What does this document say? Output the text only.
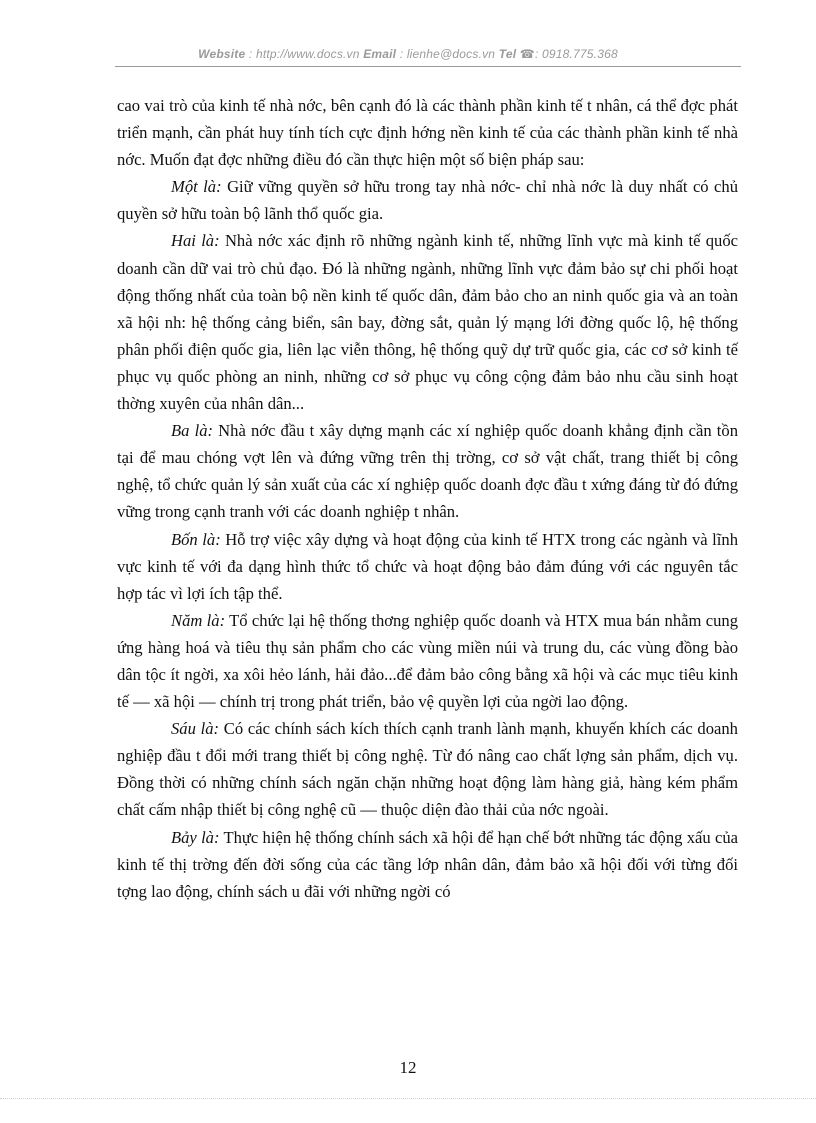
Website : http://www.docs.vn Email : lienhe@docs.vn Tel ☎: 0918.775.368

cao vai trò của kinh tế nhà nớc, bên cạnh đó là các thành phần kinh tế t nhân, cá thể đợc phát triển mạnh, cần phát huy tính tích cực định hớng nền kinh tế của các thành phần kinh tế nhà nớc. Muốn đạt đợc những điều đó cần thực hiện một số biện pháp sau:

Một là: Giữ vững quyền sở hữu trong tay nhà nớc- chỉ nhà nớc là duy nhất có chủ quyền sở hữu toàn bộ lãnh thổ quốc gia.

Hai là: Nhà nớc xác định rõ những ngành kinh tế, những lĩnh vực mà kinh tế quốc doanh cần dữ vai trò chủ đạo. Đó là những ngành, những lĩnh vực đảm bảo sự chi phối hoạt động thống nhất của toàn bộ nền kinh tế quốc dân, đảm bảo cho an ninh quốc gia và an toàn xã hội nh: hệ thống cảng biển, sân bay, đờng sắt, quản lý mạng lới đờng quốc lộ, hệ thống phân phối điện quốc gia, liên lạc viễn thông, hệ thống quỹ dự trữ quốc gia, các cơ sở kinh tế phục vụ quốc phòng an ninh, những cơ sở phục vụ công cộng đảm bảo nhu cầu sinh hoạt thờng xuyên của nhân dân...

Ba là: Nhà nớc đầu t xây dựng mạnh các xí nghiệp quốc doanh khẳng định cần tồn tại để mau chóng vợt lên và đứng vững trên thị trờng, cơ sở vật chất, trang thiết bị công nghệ, tổ chức quản lý sản xuất của các xí nghiệp quốc doanh đợc đầu t xứng đáng từ đó đứng vững trong cạnh tranh với các doanh nghiệp t nhân.

Bốn là: Hỗ trợ việc xây dựng và hoạt động của kinh tế HTX trong các ngành và lĩnh vực kinh tế với đa dạng hình thức tổ chức và hoạt động bảo đảm đúng với các nguyên tắc hợp tác vì lợi ích tập thể.

Năm là: Tổ chức lại hệ thống thơng nghiệp quốc doanh và HTX mua bán nhằm cung ứng hàng hoá và tiêu thụ sản phẩm cho các vùng miền núi và trung du, các vùng đồng bào dân tộc ít ngời, xa xôi hẻo lánh, hải đảo...để đảm bảo công bằng xã hội và các mục tiêu kinh tế — xã hội — chính trị trong phát triển, bảo vệ quyền lợi của ngời lao động.

Sáu là: Có các chính sách kích thích cạnh tranh lành mạnh, khuyến khích các doanh nghiệp đầu t đổi mới trang thiết bị công nghệ. Từ đó nâng cao chất lợng sản phẩm, dịch vụ. Đồng thời có những chính sách ngăn chặn những hoạt động làm hàng giả, hàng kém phẩm chất cấm nhập thiết bị công nghệ cũ — thuộc diện đào thải của nớc ngoài.

Bảy là: Thực hiện hệ thống chính sách xã hội để hạn chế bớt những tác động xấu của kinh tế thị trờng đến đời sống của các tầng lớp nhân dân, đảm bảo xã hội đối với từng đối tợng lao động, chính sách u đãi với những ngời có

12
